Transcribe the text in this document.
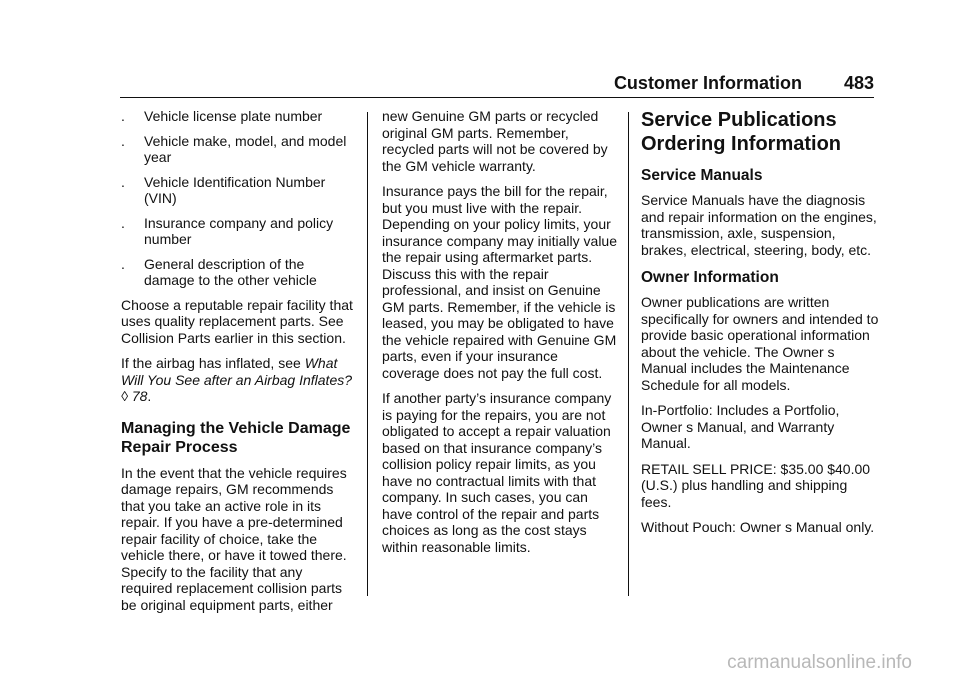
Customer Information 483
.	Vehicle license plate number
.	Vehicle make, model, and model year
.	Vehicle Identification Number (VIN)
.	Insurance company and policy number
.	General description of the damage to the other vehicle

Choose a reputable repair facility that uses quality replacement parts. See Collision Parts earlier in this section.

If the airbag has inflated, see What Will You See after an Airbag Inflates? ◊ 78.

Managing the Vehicle Damage Repair Process

In the event that the vehicle requires damage repairs, GM recommends that you take an active role in its repair. If you have a pre-determined repair facility of choice, take the vehicle there, or have it towed there. Specify to the facility that any required replacement collision parts be original equipment parts, either

new Genuine GM parts or recycled original GM parts. Remember, recycled parts will not be covered by the GM vehicle warranty.

Insurance pays the bill for the repair, but you must live with the repair. Depending on your policy limits, your insurance company may initially value the repair using aftermarket parts. Discuss this with the repair professional, and insist on Genuine GM parts. Remember, if the vehicle is leased, you may be obligated to have the vehicle repaired with Genuine GM parts, even if your insurance coverage does not pay the full cost.

If another party’s insurance company is paying for the repairs, you are not obligated to accept a repair valuation based on that insurance company’s collision policy repair limits, as you have no contractual limits with that company. In such cases, you can have control of the repair and parts choices as long as the cost stays within reasonable limits.

Service Publications Ordering Information
Service Manuals

Service Manuals have the diagnosis and repair information on the engines, transmission, axle, suspension, brakes, electrical, steering, body, etc.

Owner Information

Owner publications are written specifically for owners and intended to provide basic operational information about the vehicle. The Owner s Manual includes the Maintenance Schedule for all models.

In-Portfolio: Includes a Portfolio, Owner s Manual, and Warranty Manual.

RETAIL SELL PRICE: $35.00 $40.00 (U.S.) plus handling and shipping fees.

Without Pouch: Owner s Manual only.

carmanualsonline.info
